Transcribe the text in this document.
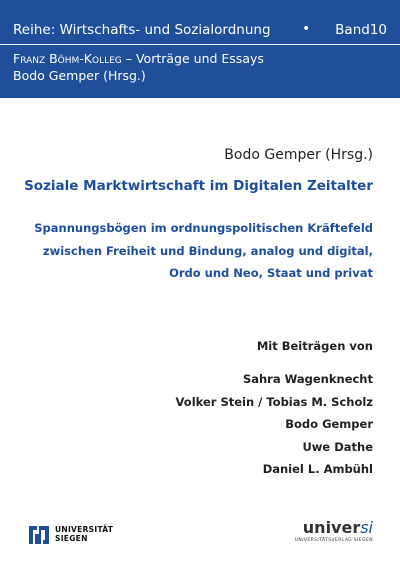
Reihe: Wirtschafts- und Sozialordnung • Band10
Franz Böhm-Kolleg – Vorträge und Essays
Bodo Gemper (Hrsg.)
Bodo Gemper (Hrsg.)
Soziale Marktwirtschaft im Digitalen Zeitalter
Spannungsbögen im ordnungspolitischen Kräftefeld
zwischen Freiheit und Bindung, analog und digital,
Ordo und Neo, Staat und privat
Mit Beiträgen von
Sahra Wagenknecht
Volker Stein / Tobias M. Scholz
Bodo Gemper
Uwe Dathe
Daniel L. Ambühl
UNIVERSITÄT
SIEGEN
universi
UNIVERSITÄTSVERLAG SIEGEN
